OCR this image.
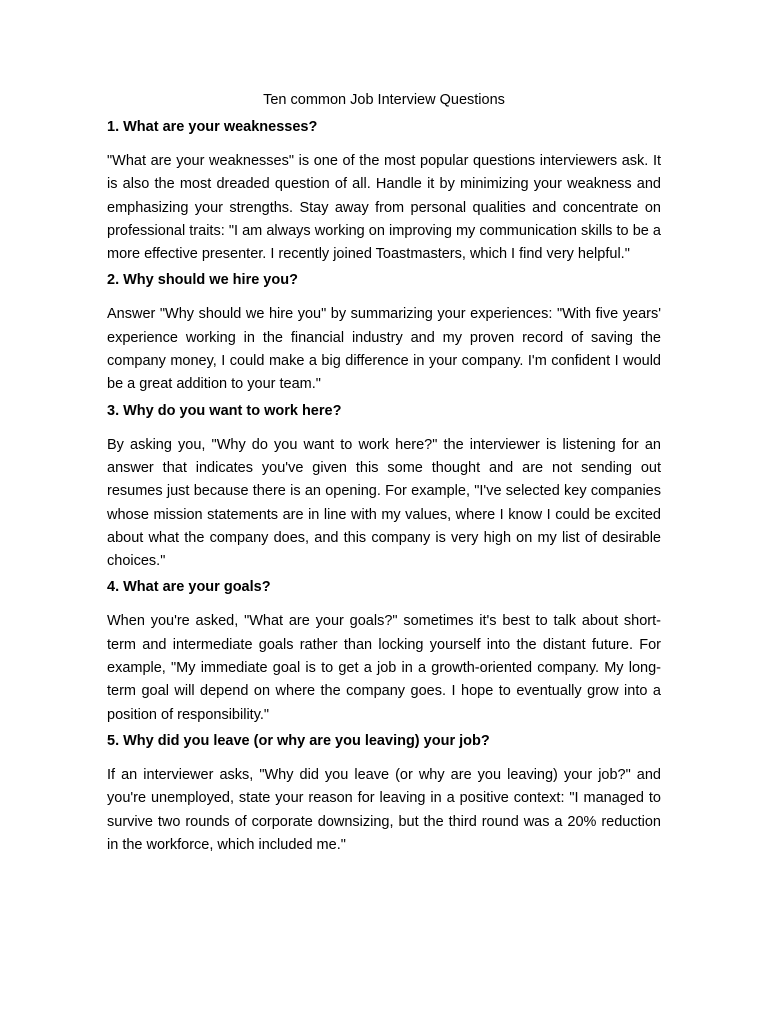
Ten common Job Interview Questions
1. What are your weaknesses?

"What are your weaknesses" is one of the most popular questions interviewers ask. It is also the most dreaded question of all. Handle it by minimizing your weakness and emphasizing your strengths. Stay away from personal qualities and concentrate on professional traits: "I am always working on improving my communication skills to be a more effective presenter. I recently joined Toastmasters, which I find very helpful."

2. Why should we hire you?

Answer "Why should we hire you" by summarizing your experiences: "With five years' experience working in the financial industry and my proven record of saving the company money, I could make a big difference in your company. I'm confident I would be a great addition to your team."

3. Why do you want to work here?

By asking you, "Why do you want to work here?" the interviewer is listening for an answer that indicates you've given this some thought and are not sending out resumes just because there is an opening. For example, "I've selected key companies whose mission statements are in line with my values, where I know I could be excited about what the company does, and this company is very high on my list of desirable choices."

4. What are your goals?

When you're asked, "What are your goals?" sometimes it's best to talk about short-term and intermediate goals rather than locking yourself into the distant future. For example, "My immediate goal is to get a job in a growth-oriented company. My long-term goal will depend on where the company goes. I hope to eventually grow into a position of responsibility."

5. Why did you leave (or why are you leaving) your job?

If an interviewer asks, "Why did you leave (or why are you leaving) your job?" and you're unemployed, state your reason for leaving in a positive context: "I managed to survive two rounds of corporate downsizing, but the third round was a 20% reduction in the workforce, which included me."
